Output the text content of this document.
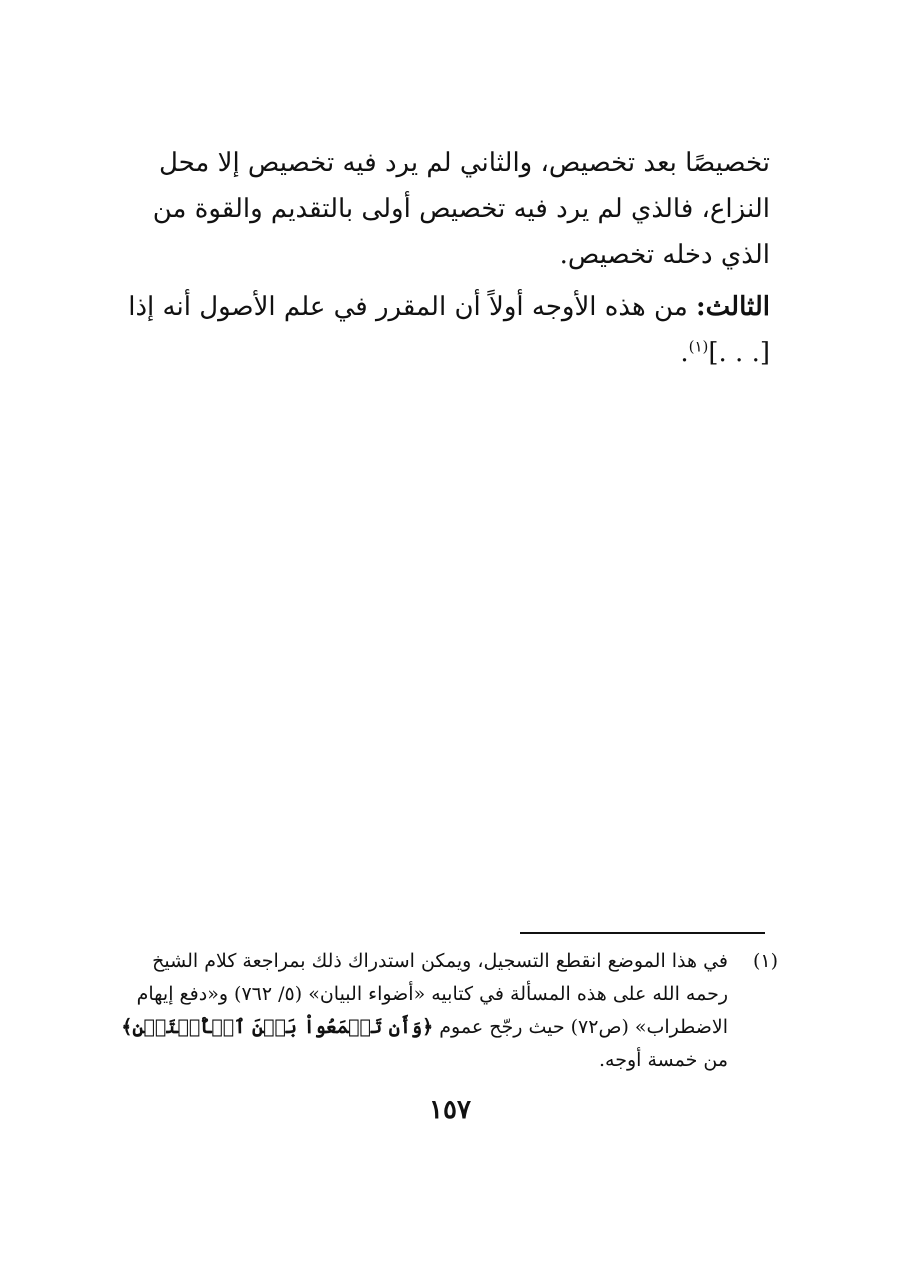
تخصيصًا بعد تخصيص، والثاني لم يرد فيه تخصيص إلا محل النزاع، فالذي لم يرد فيه تخصيص أولى بالتقديم والقوة من الذي دخله تخصيص.

الثالث: من هذه الأوجه أولاً أن المقرر في علم الأصول أنه إذا [. . .]$^{(١)}$.

(١)
في هذا الموضع انقطع التسجيل، ويمكن استدراك ذلك بمراجعة كلام الشيخ رحمه الله على هذه المسألة في كتابيه «أضواء البيان» (٥/ ٧٦٢) و«دفع إيهام الاضطراب» (ص٧٢) حيث رجّح عموم ﴿وَأَن تَجۡمَعُواْ بَيۡنَ ٱلۡأُخۡتَيۡنِ﴾ من خمسة أوجه.
١٥٧
